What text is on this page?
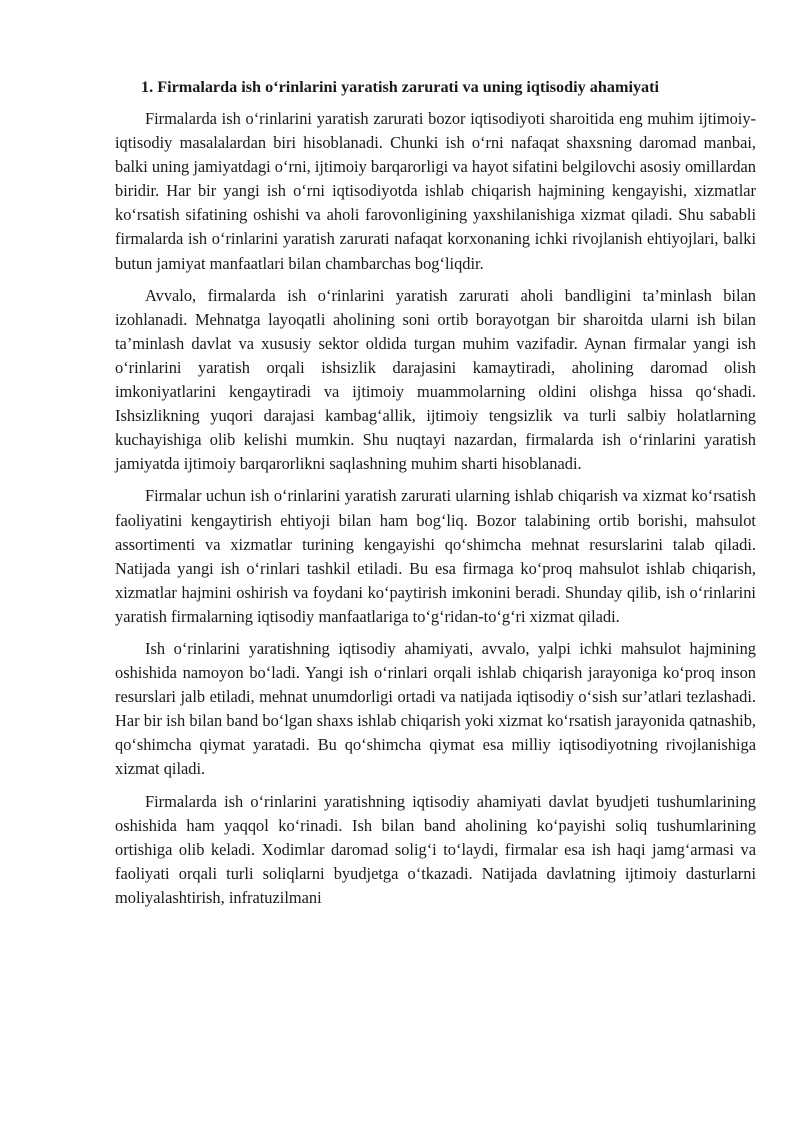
1. Firmalarda ish o‘rinlarini yaratish zarurati va uning iqtisodiy ahamiyati

Firmalarda ish o‘rinlarini yaratish zarurati bozor iqtisodiyoti sharoitida eng muhim ijtimoiy-iqtisodiy masalalardan biri hisoblanadi. Chunki ish o‘rni nafaqat shaxsning daromad manbai, balki uning jamiyatdagi o‘rni, ijtimoiy barqarorligi va hayot sifatini belgilovchi asosiy omillardan biridir. Har bir yangi ish o‘rni iqtisodiyotda ishlab chiqarish hajmining kengayishi, xizmatlar ko‘rsatish sifatining oshishi va aholi farovonligining yaxshilanishiga xizmat qiladi. Shu sababli firmalarda ish o‘rinlarini yaratish zarurati nafaqat korxonaning ichki rivojlanish ehtiyojlari, balki butun jamiyat manfaatlari bilan chambarchas bog‘liqdir.

Avvalo, firmalarda ish o‘rinlarini yaratish zarurati aholi bandligini ta’minlash bilan izohlanadi. Mehnatga layoqatli aholining soni ortib borayotgan bir sharoitda ularni ish bilan ta’minlash davlat va xususiy sektor oldida turgan muhim vazifadir. Aynan firmalar yangi ish o‘rinlarini yaratish orqali ishsizlik darajasini kamaytiradi, aholining daromad olish imkoniyatlarini kengaytiradi va ijtimoiy muammolarning oldini olishga hissa qo‘shadi. Ishsizlikning yuqori darajasi kambag‘allik, ijtimoiy tengsizlik va turli salbiy holatlarning kuchayishiga olib kelishi mumkin. Shu nuqtayi nazardan, firmalarda ish o‘rinlarini yaratish jamiyatda ijtimoiy barqarorlikni saqlashning muhim sharti hisoblanadi.

Firmalar uchun ish o‘rinlarini yaratish zarurati ularning ishlab chiqarish va xizmat ko‘rsatish faoliyatini kengaytirish ehtiyoji bilan ham bog‘liq. Bozor talabining ortib borishi, mahsulot assortimenti va xizmatlar turining kengayishi qo‘shimcha mehnat resurslarini talab qiladi. Natijada yangi ish o‘rinlari tashkil etiladi. Bu esa firmaga ko‘proq mahsulot ishlab chiqarish, xizmatlar hajmini oshirish va foydani ko‘paytirish imkonini beradi. Shunday qilib, ish o‘rinlarini yaratish firmalarning iqtisodiy manfaatlariga to‘g‘ridan-to‘g‘ri xizmat qiladi.

Ish o‘rinlarini yaratishning iqtisodiy ahamiyati, avvalo, yalpi ichki mahsulot hajmining oshishida namoyon bo‘ladi. Yangi ish o‘rinlari orqali ishlab chiqarish jarayoniga ko‘proq inson resurslari jalb etiladi, mehnat unumdorligi ortadi va natijada iqtisodiy o‘sish sur’atlari tezlashadi. Har bir ish bilan band bo‘lgan shaxs ishlab chiqarish yoki xizmat ko‘rsatish jarayonida qatnashib, qo‘shimcha qiymat yaratadi. Bu qo‘shimcha qiymat esa milliy iqtisodiyotning rivojlanishiga xizmat qiladi.

Firmalarda ish o‘rinlarini yaratishning iqtisodiy ahamiyati davlat byudjeti tushumlarining oshishida ham yaqqol ko‘rinadi. Ish bilan band aholining ko‘payishi soliq tushumlarining ortishiga olib keladi. Xodimlar daromad solig‘i to‘laydi, firmalar esa ish haqi jamg‘armasi va faoliyati orqali turli soliqlarni byudjetga o‘tkazadi. Natijada davlatning ijtimoiy dasturlarni moliyalashtirish, infratuzilmani
